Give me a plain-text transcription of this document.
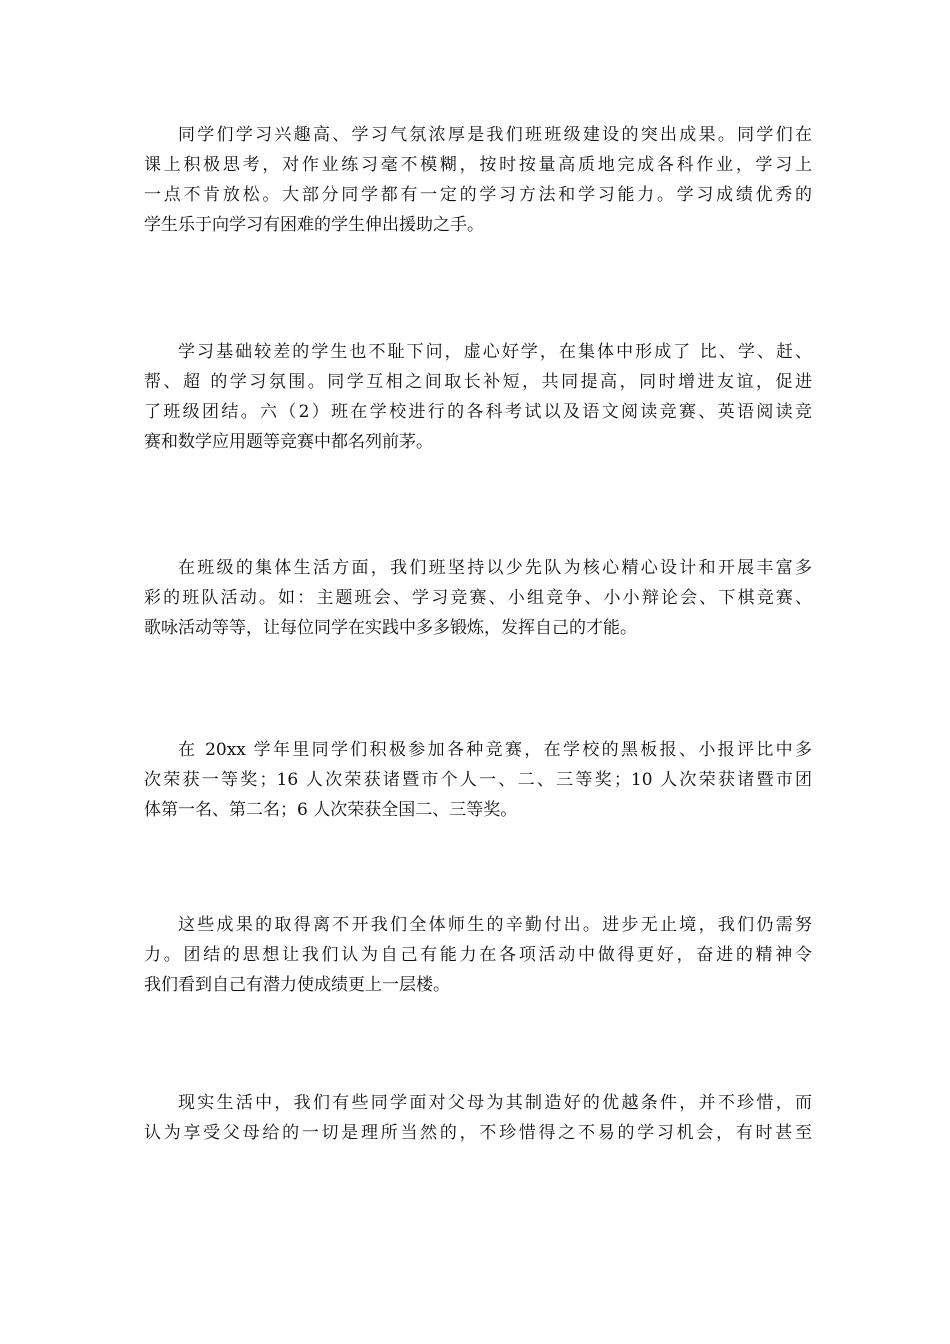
同学们学习兴趣高、学习气氛浓厚是我们班班级建设的突出成果。同学们在
课上积极思考，对作业练习毫不模糊，按时按量高质地完成各科作业，学习上
一点不肯放松。大部分同学都有一定的学习方法和学习能力。学习成绩优秀的
学生乐于向学习有困难的学生伸出援助之手。

学习基础较差的学生也不耻下问，虚心好学，在集体中形成了 比、学、赶、
帮、超 的学习氛围。同学互相之间取长补短，共同提高，同时增进友谊，促进
了班级团结。六（2）班在学校进行的各科考试以及语文阅读竞赛、英语阅读竞
赛和数学应用题等竞赛中都名列前茅。

在班级的集体生活方面，我们班坚持以少先队为核心精心设计和开展丰富多
彩的班队活动。如：主题班会、学习竞赛、小组竞争、小小辩论会、下棋竞赛、
歌咏活动等等，让每位同学在实践中多多锻炼，发挥自己的才能。

在 20xx 学年里同学们积极参加各种竞赛，在学校的黑板报、小报评比中多
次荣获一等奖；16 人次荣获诸暨市个人一、二、三等奖；10 人次荣获诸暨市团
体第一名、第二名；6 人次荣获全国二、三等奖。

这些成果的取得离不开我们全体师生的辛勤付出。进步无止境，我们仍需努
力。团结的思想让我们认为自己有能力在各项活动中做得更好，奋进的精神令
我们看到自己有潜力使成绩更上一层楼。

现实生活中，我们有些同学面对父母为其制造好的优越条件，并不珍惜，而
认为享受父母给的一切是理所当然的，不珍惜得之不易的学习机会，有时甚至
